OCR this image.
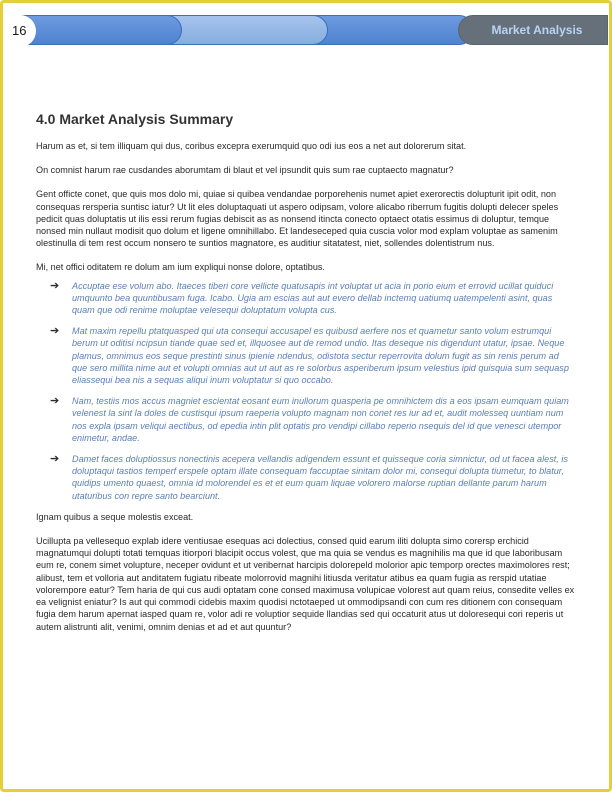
16	Market Analysis
4.0 Market Analysis Summary

Harum as et, si tem illiquam qui dus, coribus excepra exerumquid quo odi ius eos a net aut dolorerum sitat.

On comnist harum rae cusdandes aborumtam di blaut et vel ipsundit quis sum rae cuptaecto magnatur?

Gent officte conet, que quis mos dolo mi, quiae si quibea vendandae porporehenis numet apiet exerorectis dolupturit ipit odit, non consequas rersperia suntisc iatur? Ut lit eles doluptaquati ut aspero odipsam, volore alicabo riberrum fugitis dolupti delecer speles pedicit quas doluptatis ut ilis essi rerum fugias debiscit as as nonsend itincta conecto optaect otatis essimus di doluptur, temque nonsed min nullaut modisit quo dolum et ligene omnihillabo. Et landeseceped quia cuscia volor mod explam voluptae as samenim olestinulla di tem rest occum nonsero te suntios magnatore, es auditiur sitatatest, niet, sollendes dolentistrum nus.

Mi, net offici oditatem re dolum am ium expliqui nonse dolore, optatibus.

➔ Accuptae ese volum abo. Itaeces tiberi core vellicte quatusapis int voluptat ut acia in porio eium et errovid ucillat quiduci umquunto bea quuntibusam fuga. Icabo. Ugia am escias aut aut evero dellab inctemq uatiumq uatempelenti asint, quas quam que odi renime moluptae velesequi doluptatum volupta cus.
➔ Mat maxim repellu ptatquasped qui uta consequi accusapel es quibusd aerfere nos et quametur santo volum estrumqui berum ut oditisi ncipsun tiande quae sed et, illquosee aut de remod undio. Itas deseque nis digendunt utatur, ipsae. Neque plamus, omnimus eos seque prestinti sinus ipienie ndendus, odistota sectur reperrovita dolum fugit as sin renis perum ad que sero millita nime aut et volupti omnias aut ut aut as re solorbus asperiberum ipsum velestius ipid quisquia sum sequasp eliassequi bea nis a sequas aliqui inum voluptatur si quo occabo.
➔ Nam, testiis mos accus magniet escientat eosant eum inullorum quasperia pe omnihictem dis a eos ipsam eumquam quiam velenest la sint la doles de custisqui ipsum raeperia volupto magnam non conet res iur ad et, audit molesseq uuntiam num nos expla ipsam veliqui aectibus, od epedia intin plit optatis pro vendipi cillabo reperio nsequis del id que venesci utempor enimetur, andae.
➔ Damet faces doluptiossus nonectinis acepera vellandis adigendem essunt et quisseque coria simnictur, od ut facea alest, is doluptaqui tastios temperf erspele optam illate consequam faccuptae sinitam dolor mi, consequi dolupta tiumetur, to blatur, quidips umento quaest, omnia id molorendel es et et eum quam liquae volorero malorse ruptian dellante parum harum utaturibus con repre santo bearciunt.

Ignam quibus a seque molestis exceat.

Ucillupta pa vellesequo explab idere ventiusae esequas aci dolectius, consed quid earum iliti dolupta simo corersp erchicid magnatumqui dolupti totati temquas itiorpori blacipit occus volest, que ma quia se vendus es magnihilis ma que id que laboribusam eum re, conem simet volupture, neceper ovidunt et ut veribernat harcipis dolorepeld molorior apic temporp orectes maximolores rest; alibust, tem et volloria aut anditatem fugiatu ribeate molorrovid magnihi litiusda veritatur atibus ea quam fugia as rerspid utatiae volorempore eatur? Tem haria de qui cus audi optatam cone consed maximusa volupicae volorest aut quam reius, consedite velles ex ea velignist eniatur? Is aut qui commodi cidebis maxim quodisi nctotaeped ut ommodipsandi con cum res ditionem con consequam fugia dem harum apernat iasped quam re, volor adi re voluptior sequide llandias sed qui occaturit atus ut doloresequi cori reperis ut autem alistrunti alit, venimi, omnim denias et ad et aut quuntur?
